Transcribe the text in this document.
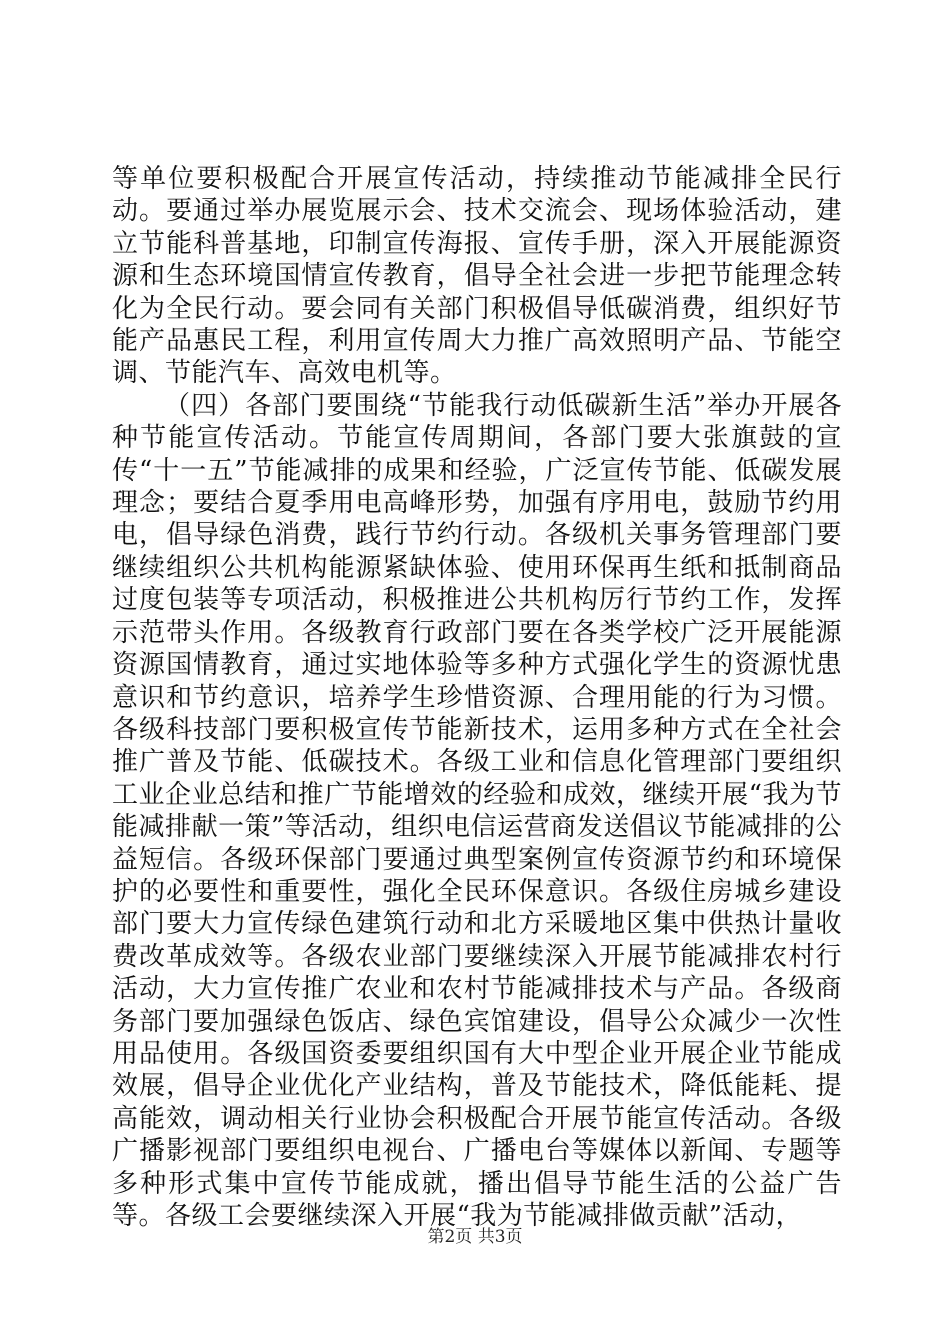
等单位要积极配合开展宣传活动，持续推动节能减排全民行动。要通过举办展览展示会、技术交流会、现场体验活动，建立节能科普基地，印制宣传海报、宣传手册，深入开展能源资源和生态环境国情宣传教育，倡导全社会进一步把节能理念转化为全民行动。要会同有关部门积极倡导低碳消费，组织好节能产品惠民工程，利用宣传周大力推广高效照明产品、节能空调、节能汽车、高效电机等。

（四）各部门要围绕“节能我行动低碳新生活”举办开展各种节能宣传活动。节能宣传周期间，各部门要大张旗鼓的宣传“十一五”节能减排的成果和经验，广泛宣传节能、低碳发展理念；要结合夏季用电高峰形势，加强有序用电，鼓励节约用电，倡导绿色消费，践行节约行动。各级机关事务管理部门要继续组织公共机构能源紧缺体验、使用环保再生纸和抵制商品过度包装等专项活动，积极推进公共机构厉行节约工作，发挥示范带头作用。各级教育行政部门要在各类学校广泛开展能源资源国情教育，通过实地体验等多种方式强化学生的资源忧患意识和节约意识，培养学生珍惜资源、合理用能的行为习惯。各级科技部门要积极宣传节能新技术，运用多种方式在全社会推广普及节能、低碳技术。各级工业和信息化管理部门要组织工业企业总结和推广节能增效的经验和成效，继续开展“我为节能减排献一策”等活动，组织电信运营商发送倡议节能减排的公益短信。各级环保部门要通过典型案例宣传资源节约和环境保护的必要性和重要性，强化全民环保意识。各级住房城乡建设部门要大力宣传绿色建筑行动和北方采暖地区集中供热计量收费改革成效等。各级农业部门要继续深入开展节能减排农村行活动，大力宣传推广农业和农村节能减排技术与产品。各级商务部门要加强绿色饭店、绿色宾馆建设，倡导公众减少一次性用品使用。各级国资委要组织国有大中型企业开展企业节能成效展，倡导企业优化产业结构，普及节能技术，降低能耗、提高能效，调动相关行业协会积极配合开展节能宣传活动。各级广播影视部门要组织电视台、广播电台等媒体以新闻、专题等多种形式集中宣传节能成就，播出倡导节能生活的公益广告等。各级工会要继续深入开展“我为节能减排做贡献”活动，

第2页 共3页
